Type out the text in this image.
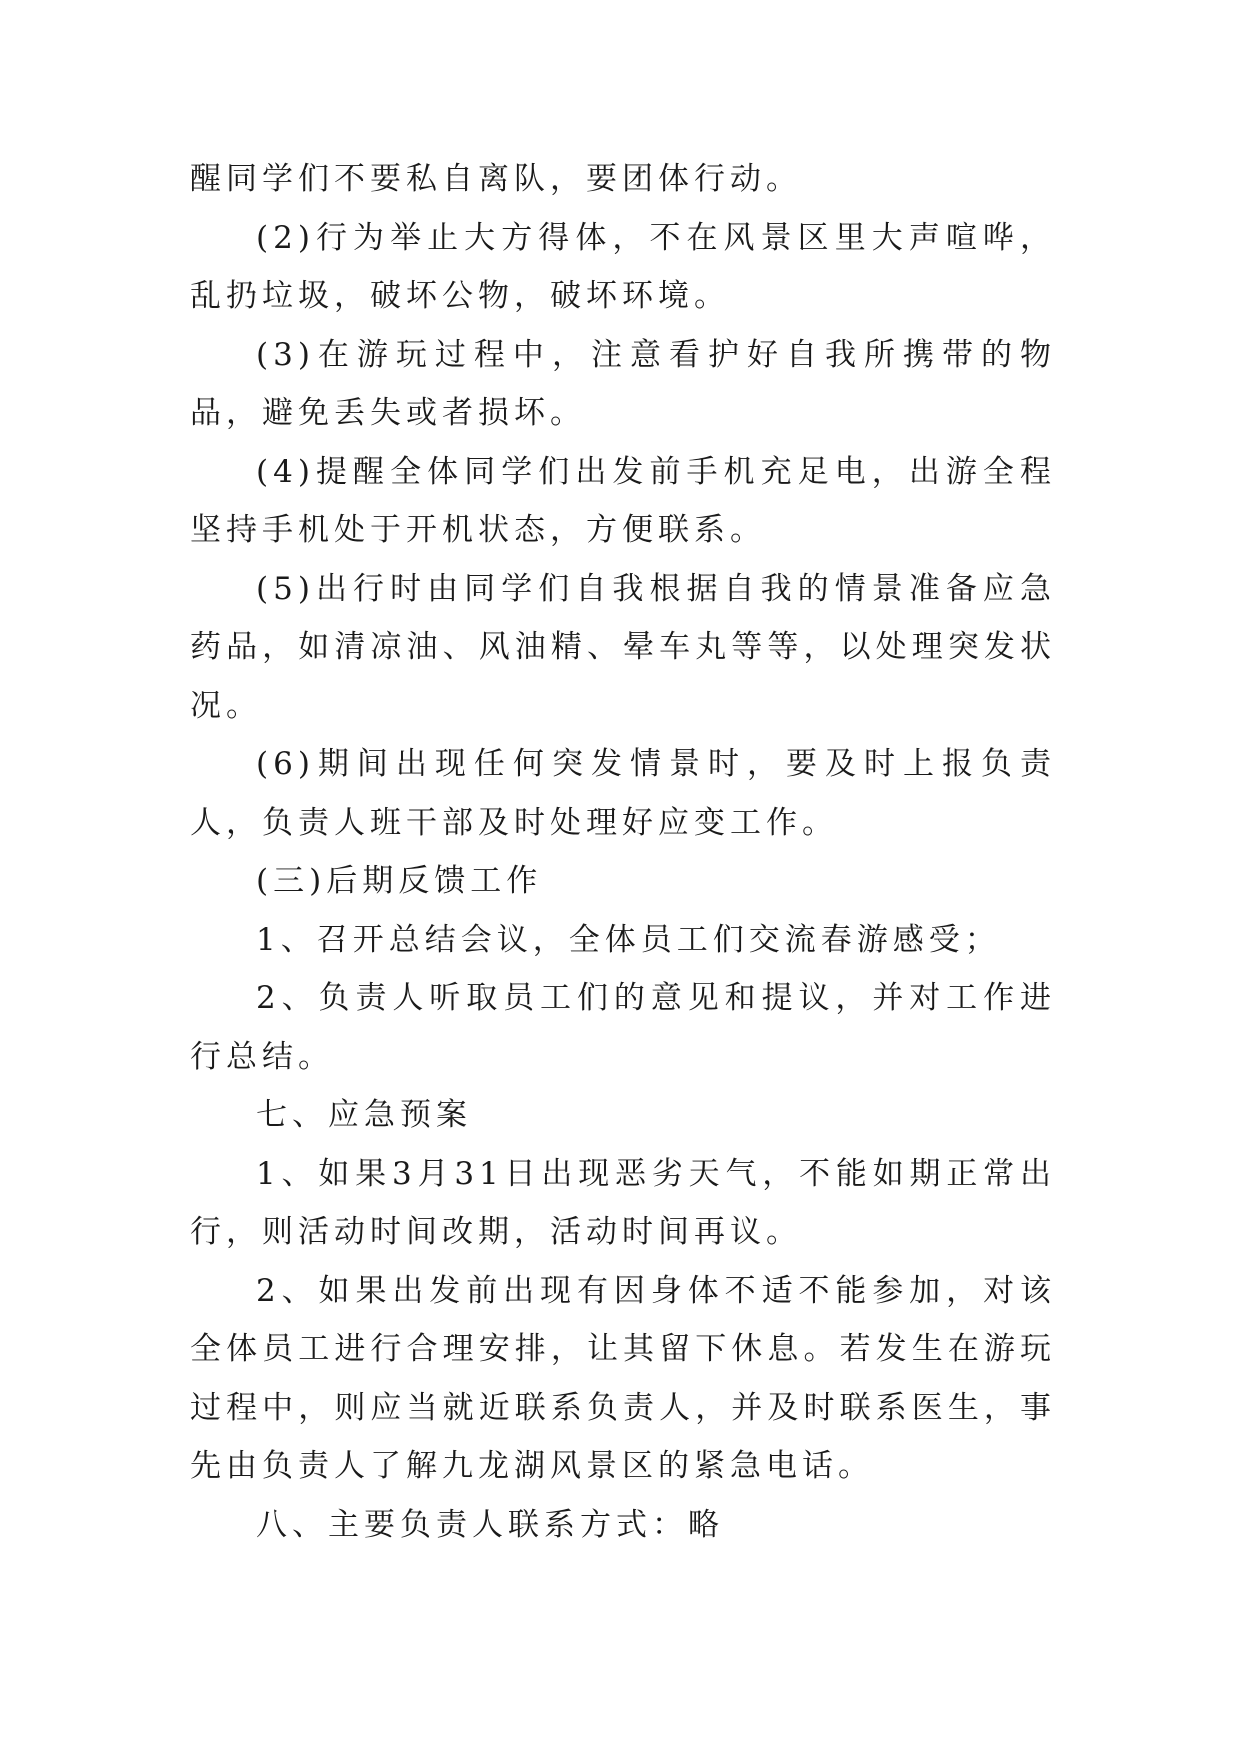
醒同学们不要私自离队，要团体行动。

(2)行为举止大方得体，不在风景区里大声喧哗，乱扔垃圾，破坏公物，破坏环境。

(3)在游玩过程中，注意看护好自我所携带的物品，避免丢失或者损坏。

(4)提醒全体同学们出发前手机充足电，出游全程坚持手机处于开机状态，方便联系。

(5)出行时由同学们自我根据自我的情景准备应急药品，如清凉油、风油精、晕车丸等等，以处理突发状况。

(6)期间出现任何突发情景时，要及时上报负责人，负责人班干部及时处理好应变工作。

(三)后期反馈工作

1、召开总结会议，全体员工们交流春游感受；

2、负责人听取员工们的意见和提议，并对工作进行总结。

七、应急预案

1、如果3月31日出现恶劣天气，不能如期正常出行，则活动时间改期，活动时间再议。

2、如果出发前出现有因身体不适不能参加，对该全体员工进行合理安排，让其留下休息。若发生在游玩过程中，则应当就近联系负责人，并及时联系医生，事先由负责人了解九龙湖风景区的紧急电话。

八、主要负责人联系方式：略
